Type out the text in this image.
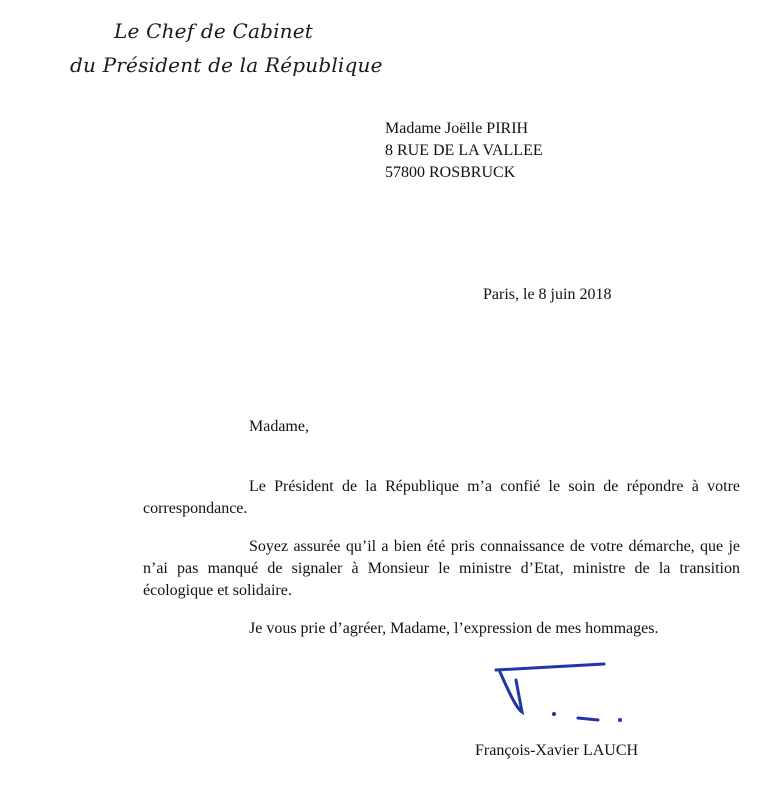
Le Chef de Cabinet
du Président de la République
Madame Joëlle PIRIH
8 RUE DE LA VALLEE
57800 ROSBRUCK
Paris, le 8 juin 2018
Madame,
Le Président de la République m’a confié le soin de répondre à votre correspondance.
Soyez assurée qu’il a bien été pris connaissance de votre démarche, que je n’ai pas manqué de signaler à Monsieur le ministre d’Etat, ministre de la transition écologique et solidaire.
Je vous prie d’agréer, Madame, l’expression de mes hommages.
François-Xavier LAUCH
